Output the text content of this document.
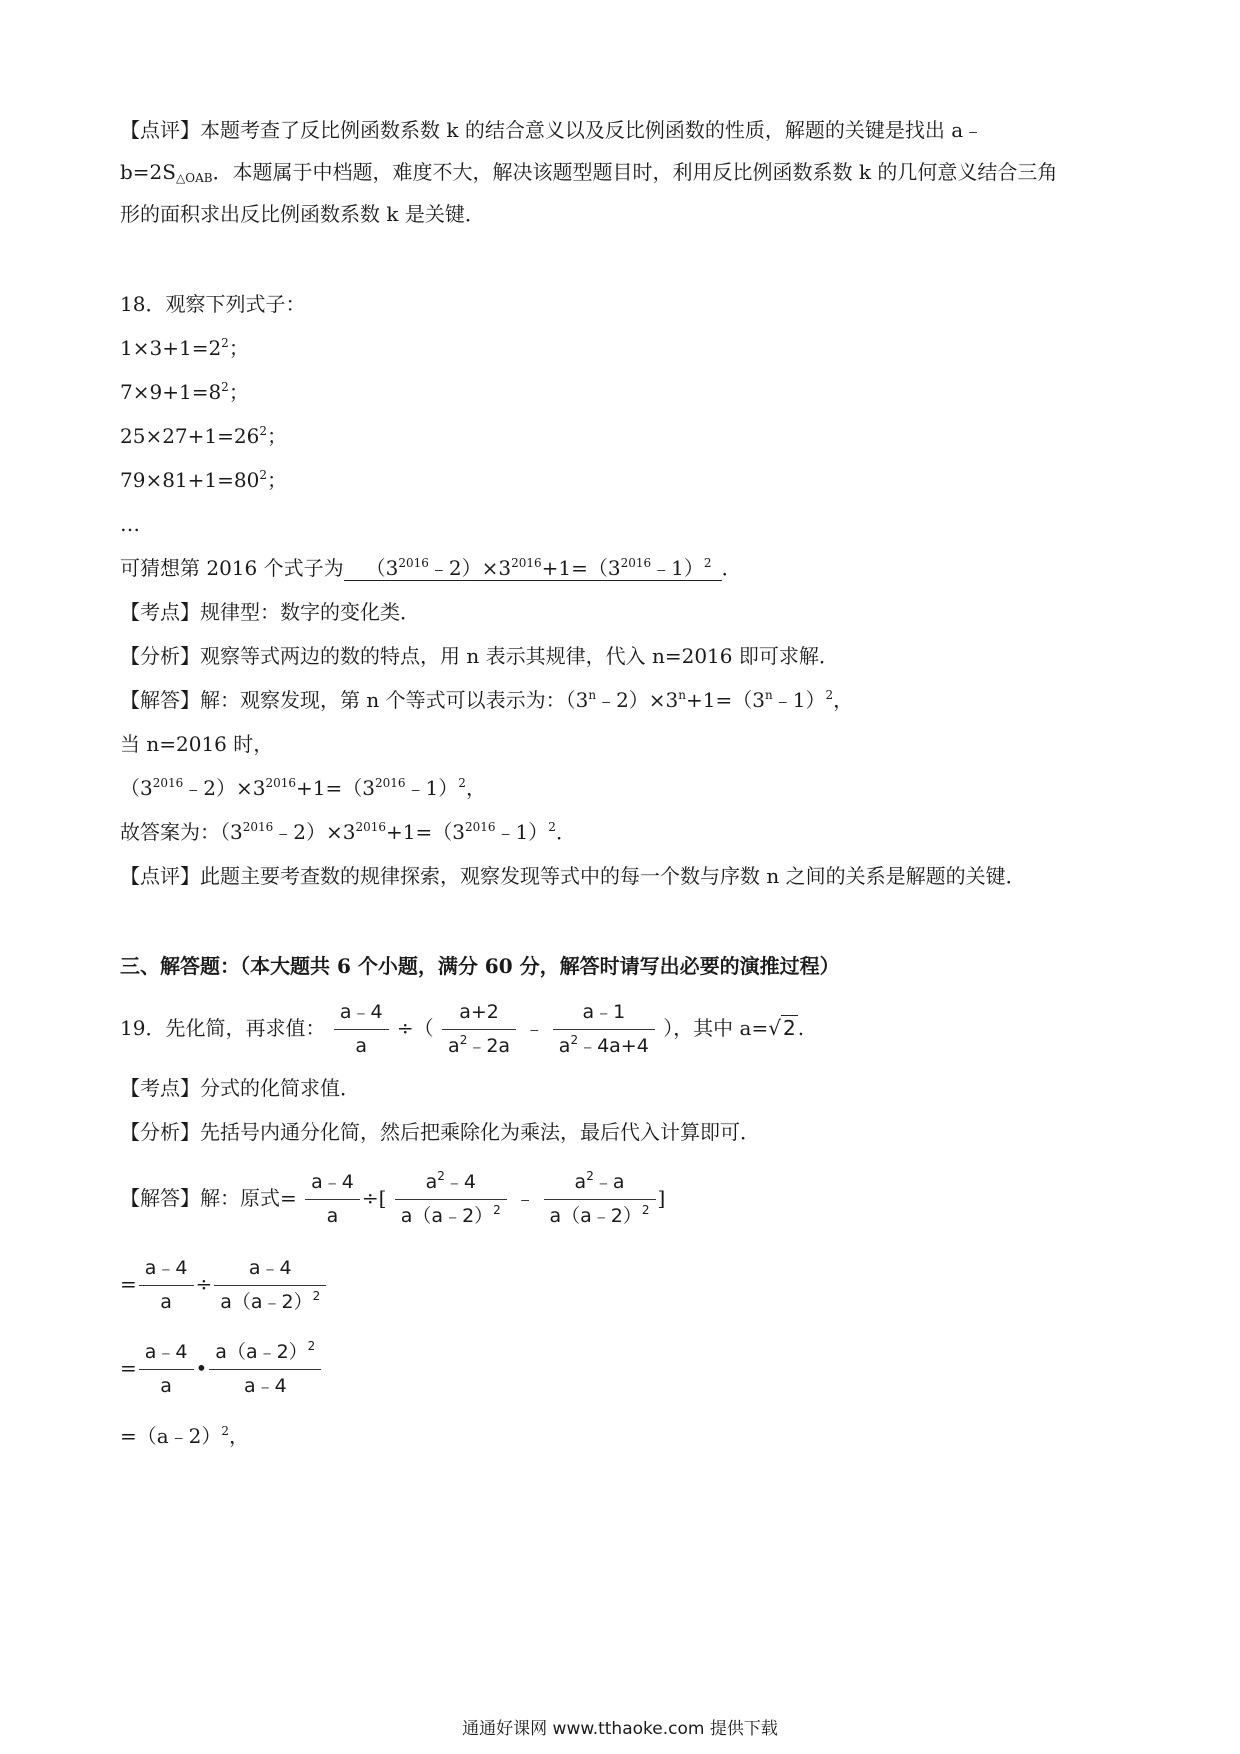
【点评】本题考查了反比例函数系数 k 的结合意义以及反比例函数的性质，解题的关键是找出 a﹣
$b=2S_{\triangle OAB}$．本题属于中档题，难度不大，解决该题型题目时，利用反比例函数系数 k 的几何意义结合三角
形的面积求出反比例函数系数 k 是关键．
18．观察下列式子：
$1\times 3+1=2^2$；
$7\times 9+1=8^2$；
$25\times 27+1=26^2$；
$79\times 81+1=80^2$；
…
可猜想第 2016 个式子为 $(3^{2016}﹣2)\times 3^{2016}+1=(3^{2016}﹣1)^2$ ．
【考点】规律型：数字的变化类．
【分析】观察等式两边的数的特点，用 n 表示其规律，代入 n=2016 即可求解．
【解答】解：观察发现，第 n 个等式可以表示为：$(3^n﹣2)\times 3^n+1=(3^n﹣1)^2$，
当 n=2016 时，
$(3^{2016}﹣2)\times 3^{2016}+1=(3^{2016}﹣1)^2$，
故答案为：$(3^{2016}﹣2)\times 3^{2016}+1=(3^{2016}﹣1)^2$．
【点评】此题主要考查数的规律探索，观察发现等式中的每一个数与序数 n 之间的关系是解题的关键．
三、解答题：（本大题共 6 个小题，满分 60 分，解答时请写出必要的演推过程）
19．先化简，再求值： $\frac{a﹣4}{a}$ ÷（ $\frac{a+2}{a^2﹣2a}$ ﹣ $\frac{a﹣1}{a^2﹣4a+4}$ ），其中 a=√ 2 .
【考点】分式的化简求值．
【分析】先括号内通分化简，然后把乘除化为乘法，最后代入计算即可．
【解答】解：原式= $\frac{a﹣4}{a}$ ÷[ $\frac{a^2﹣4}{a(a﹣2)^2}$ ﹣ $\frac{a^2﹣a}{a(a﹣2)^2}$ ]
= $\frac{a﹣4}{a} \div \frac{a﹣4}{a(a﹣2)^2}$
= $\frac{a﹣4}{a}$ • $\frac{a(a﹣2)^2}{a﹣4}$
=（a﹣2）$^2$，
通通好课网 www.tthaoke.com 提供下载
